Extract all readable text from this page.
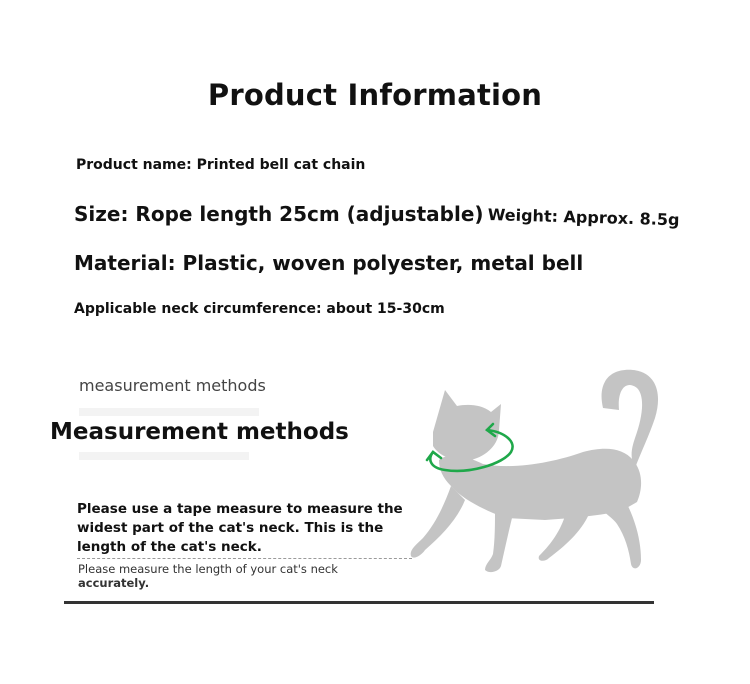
Product Information
Product name: Printed bell cat chain
Size: Rope length 25cm (adjustable) Weight: Approx. 8.5g
Material: Plastic, woven polyester, metal bell
Applicable neck circumference: about 15-30cm
measurement methods
Measurement methods
Please use a tape measure to measure the widest part of the cat's neck. This is the length of the cat's neck.
Please measure the length of your cat's neck
accurately.
